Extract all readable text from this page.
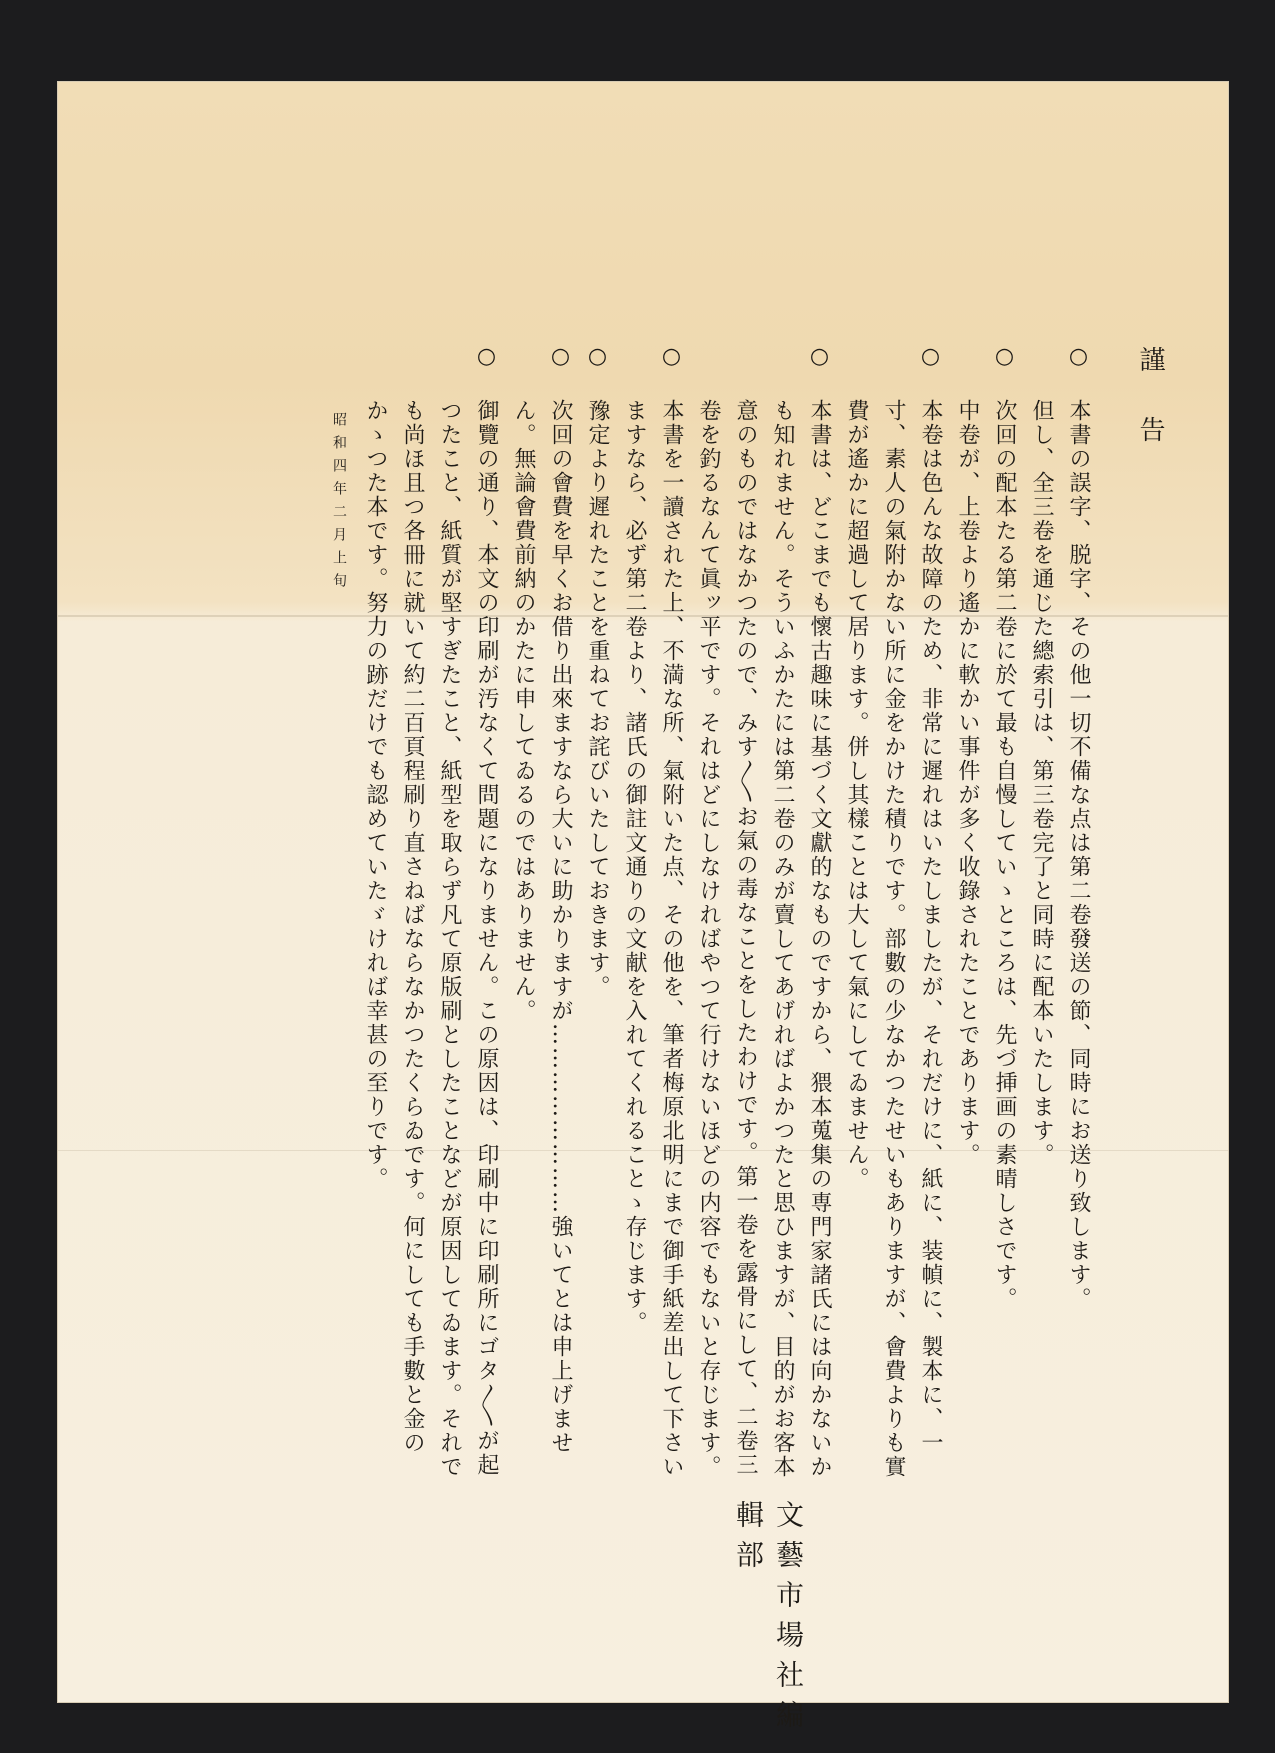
謹告
○

本書の誤字、脱字、その他一切不備な点は第二卷發送の節、同時にお送り致します。
但し、全三卷を通じた總索引は、第三卷完了と同時に配本いたします。

○

次回の配本たる第二卷に於て最も自慢していゝところは、先づ挿画の素晴しさです。
中卷が、上卷より遙かに軟かい事件が多く收錄されたことであります。

○

本卷は色んな故障のため、非常に遲れはいたしましたが、それだけに、紙に、装幀に、製本に、一寸、素人の氣附かない所に金をかけた積りです。部數の少なかつたせいもありますが、會費よりも實費が遙かに超過して居ります。併し其樣ことは大して氣にしてゐません。

○

本書は、どこまでも懷古趣味に基づく文獻的なものですから、猥本蒐集の専門家諸氏には向かないかも知れません。そういふかたには第二卷のみが賣してあげればよかつたと思ひますが、目的がお客本意のものではなかつたので、みす〳〵お氣の毒なことをしたわけです。第一卷を露骨にして、二卷三卷を釣るなんて眞ッ平です。それはどにしなければやつて行けないほどの内容でもないと存じます。

○

本書を一讀された上、不満な所、氣附いた点、その他を、筆者梅原北明にまで御手紙差出して下さいますなら、必ず第二卷より、諸氏の御註文通りの文献を入れてくれることゝ存じます。

○

豫定より遲れたことを重ねてお詫びいたしておきます。

○

次回の會費を早くお借り出來ますなら大いに助かりますが……………………強いてとは申上げません。無論會費前納のかたに申してゐるのではありません。

○

御覽の通り、本文の印刷が汚なくて問題になりません。この原因は、印刷中に印刷所にゴタ〳〵が起つたこと、紙質が堅すぎたこと、紙型を取らず凡て原版刷としたことなどが原因してゐます。それでも尚ほ且つ各冊に就いて約二百頁程刷り直さねばならなかつたくらゐです。何にしても手數と金のかゝつた本です。努力の跡だけでも認めていたゞければ幸甚の至りです。

昭和四年二月上旬

文藝市場社編輯部
